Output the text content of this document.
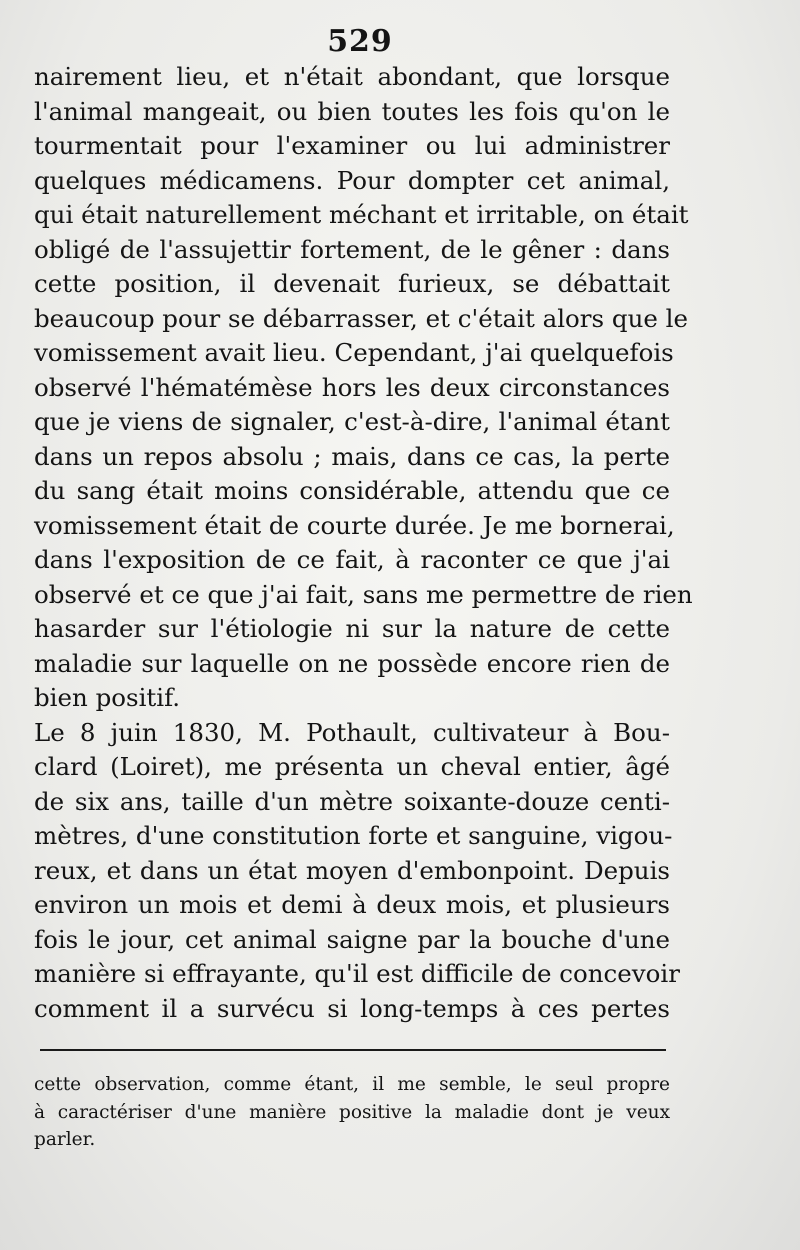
529
nairement lieu, et n'était abondant, que lorsque
l'animal mangeait, ou bien toutes les fois qu'on le
tourmentait pour l'examiner ou lui administrer
quelques médicamens. Pour dompter cet animal,
qui était naturellement méchant et irritable, on était
obligé de l'assujettir fortement, de le gêner : dans
cette position, il devenait furieux, se débattait
beaucoup pour se débarrasser, et c'était alors que le
vomissement avait lieu. Cependant, j'ai quelquefois
observé l'hématémèse hors les deux circonstances
que je viens de signaler, c'est-à-dire, l'animal étant
dans un repos absolu ; mais, dans ce cas, la perte
du sang était moins considérable, attendu que ce
vomissement était de courte durée. Je me bornerai,
dans l'exposition de ce fait, à raconter ce que j'ai
observé et ce que j'ai fait, sans me permettre de rien
hasarder sur l'étiologie ni sur la nature de cette
maladie sur laquelle on ne possède encore rien de
bien positif.
Le 8 juin 1830, M. Pothault, cultivateur à Bou-
clard (Loiret), me présenta un cheval entier, âgé
de six ans, taille d'un mètre soixante-douze centi-
mètres, d'une constitution forte et sanguine, vigou-
reux, et dans un état moyen d'embonpoint. Depuis
environ un mois et demi à deux mois, et plusieurs
fois le jour, cet animal saigne par la bouche d'une
manière si effrayante, qu'il est difficile de concevoir
comment il a survécu si long-temps à ces pertes
cette observation, comme étant, il me semble, le seul propre
à caractériser d'une manière positive la maladie dont je veux
parler.
